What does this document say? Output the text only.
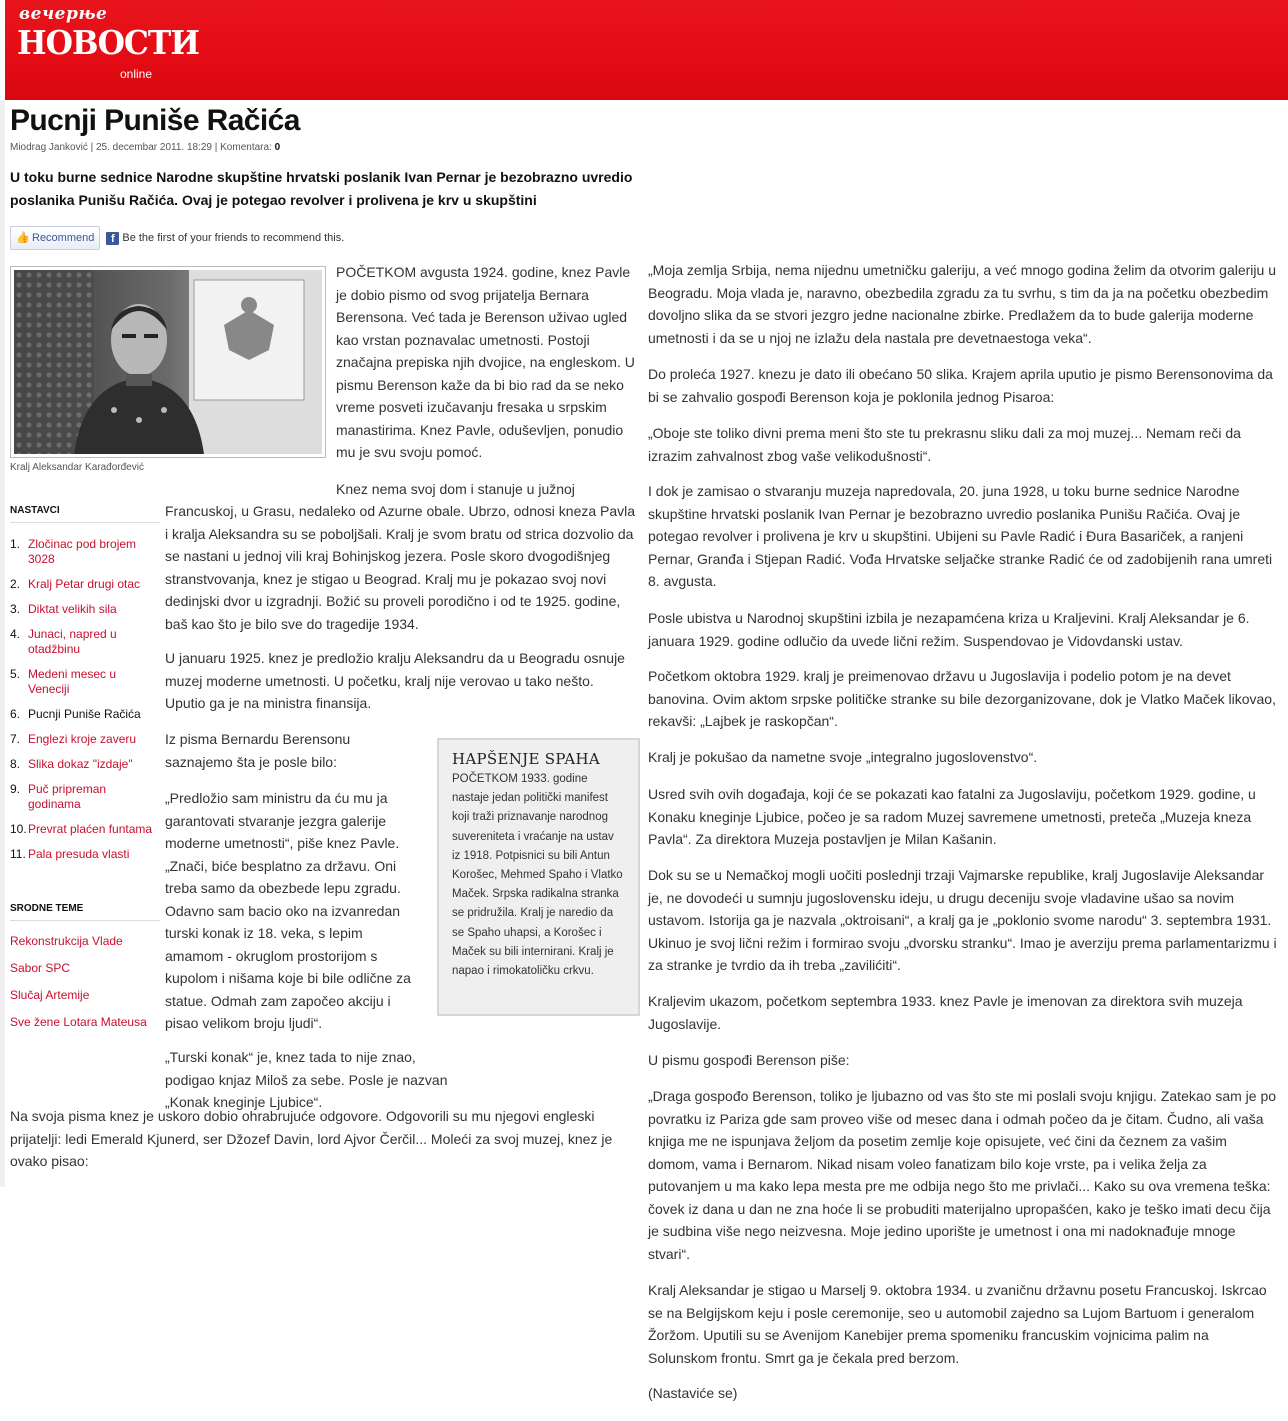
вечерње
НОВОСТИ
online
Pucnji Puniše Račića
Miodrag Janković | 25. decembar 2011. 18:29 | Komentara: 0

U toku burne sednice Narodne skupštine hrvatski poslanik Ivan Pernar je bezobrazno uvredio poslanika Punišu Račića. Ovaj je potegao revolver i prolivena je krv u skupštini

👍 Recommend	f Be the first of your friends to recommend this.
Kralj Aleksandar Karađorđević
NASTAVCI
1. Zločinac pod brojem 3028
2. Kralj Petar drugi otac
3. Diktat velikih sila
4. Junaci, napred u otadžbinu
5. Medeni mesec u Veneciji
6. Pucnji Puniše Račića
7. Englezi kroje zaveru
8. Slika dokaz "izdaje"
9. Puč pripreman godinama
10. Prevrat plaćen funtama
11. Pala presuda vlasti
SRODNE TEME
Rekonstrukcija Vlade
Sabor SPC
Slučaj Artemije
Sve žene Lotara Mateusa

POČETKOM avgusta 1924. godine, knez Pavle je dobio pismo od svog prijatelja Bernara Berensona. Već tada je Berenson uživao ugled kao vrstan poznavalac umetnosti. Postoji značajna prepiska njih dvojice, na engleskom. U pismu Berenson kaže da bi bio rad da se neko vreme posveti izučavanju fresaka u srpskim manastirima. Knez Pavle, oduševljen, ponudio mu je svu svoju pomoć.

Knez nema svoj dom i stanuje u južnoj

Francuskoj, u Grasu, nedaleko od Azurne obale. Ubrzo, odnosi kneza Pavla i kralja Aleksandra su se poboljšali. Kralj je svom bratu od strica dozvolio da se nastani u jednoj vili kraj Bohinjskog jezera. Posle skoro dvogodišnjeg stranstvovanja, knez je stigao u Beograd. Kralj mu je pokazao svoj novi dedinjski dvor u izgradnji. Božić su proveli porodično i od te 1925. godine, baš kao što je bilo sve do tragedije 1934.

U januaru 1925. knez je predložio kralju Aleksandru da u Beogradu osnuje muzej moderne umetnosti. U početku, kralj nije verovao u tako nešto. Uputio ga je na ministra finansija.

Iz pisma Bernardu Berensonu saznajemo šta je posle bilo:

„Predložio sam ministru da ću mu ja garantovati stvaranje jezgra galerije moderne umetnosti“, piše knez Pavle. „Znači, biće besplatno za državu. Oni treba samo da obezbede lepu zgradu. Odavno sam bacio oko na izvanredan turski konak iz 18. veka, s lepim amamom - okruglom prostorijom s kupolom i nišama koje bi bile odlične za statue. Odmah zam započeo akciju i pisao velikom broju ljudi“.

„Turski konak“ je, knez tada to nije znao, podigao knjaz Miloš za sebe. Posle je nazvan „Konak kneginje Ljubice“.

Na svoja pisma knez je uskoro dobio ohrabrujuće odgovore. Odgovorili su mu njegovi engleski prijatelji: ledi Emerald Kjunerd, ser Džozef Davin, lord Ajvor Čerčil... Moleći za svoj muzej, knez je ovako pisao:

HAPŠENJE SPAHA

POČETKOM 1933. godine nastaje jedan politički manifest koji traži priznavanje narodnog suvereniteta i vraćanje na ustav iz 1918. Potpisnici su bili Antun Korošec, Mehmed Spaho i Vlatko Maček. Srpska radikalna stranka se pridružila. Kralj je naredio da se Spaho uhapsi, a Korošec i Maček su bili internirani. Kralj je napao i rimokatoličku crkvu.

„Moja zemlja Srbija, nema nijednu umetničku galeriju, a već mnogo godina želim da otvorim galeriju u Beogradu. Moja vlada je, naravno, obezbedila zgradu za tu svrhu, s tim da ja na početku obezbedim dovoljno slika da se stvori jezgro jedne nacionalne zbirke. Predlažem da to bude galerija moderne umetnosti i da se u njoj ne izlažu dela nastala pre devetnaestoga veka“.

Do proleća 1927. knezu je dato ili obećano 50 slika. Krajem aprila uputio je pismo Berensonovima da bi se zahvalio gospođi Berenson koja je poklonila jednog Pisaroa:

„Oboje ste toliko divni prema meni što ste tu prekrasnu sliku dali za moj muzej... Nemam reči da izrazim zahvalnost zbog vaše velikodušnosti“.

I dok je zamisao o stvaranju muzeja napredovala, 20. juna 1928, u toku burne sednice Narodne skupštine hrvatski poslanik Ivan Pernar je bezobrazno uvredio poslanika Punišu Račića. Ovaj je potegao revolver i prolivena je krv u skupštini. Ubijeni su Pavle Radić i Đura Basariček, a ranjeni Pernar, Granđa i Stjepan Radić. Vođa Hrvatske seljačke stranke Radić će od zadobijenih rana umreti 8. avgusta.

Posle ubistva u Narodnoj skupštini izbila je nezapamćena kriza u Kraljevini. Kralj Aleksandar je 6. januara 1929. godine odlučio da uvede lični režim. Suspendovao je Vidovdanski ustav.

Početkom oktobra 1929. kralj je preimenovao državu u Jugoslavija i podelio potom je na devet banovina. Ovim aktom srpske političke stranke su bile dezorganizovane, dok je Vlatko Maček likovao, rekavši: „Lajbek je raskopčan“.

Kralj je pokušao da nametne svoje „integralno jugoslovenstvo“.

Usred svih ovih događaja, koji će se pokazati kao fatalni za Jugoslaviju, početkom 1929. godine, u Konaku kneginje Ljubice, počeo je sa radom Muzej savremene umetnosti, preteča „Muzeja kneza Pavla“. Za direktora Muzeja postavljen je Milan Kašanin.

Dok su se u Nemačkoj mogli uočiti poslednji trzaji Vajmarske republike, kralj Jugoslavije Aleksandar je, ne dovodeći u sumnju jugoslovensku ideju, u drugu deceniju svoje vladavine ušao sa novim ustavom. Istorija ga je nazvala „oktroisani“, a kralj ga je „poklonio svome narodu“ 3. septembra 1931. Ukinuo je svoj lični režim i formirao svoju „dvorsku stranku“. Imao je averziju prema parlamentarizmu i za stranke je tvrdio da ih treba „zavilićiti“.

Kraljevim ukazom, početkom septembra 1933. knez Pavle je imenovan za direktora svih muzeja Jugoslavije.

U pismu gospođi Berenson piše:

„Draga gospođo Berenson, toliko je ljubazno od vas što ste mi poslali svoju knjigu. Zatekao sam je po povratku iz Pariza gde sam proveo više od mesec dana i odmah počeo da je čitam. Čudno, ali vaša knjiga me ne ispunjava željom da posetim zemlje koje opisujete, već čini da čeznem za vašim domom, vama i Bernarom. Nikad nisam voleo fanatizam bilo koje vrste, pa i velika želja za putovanjem u ma kako lepa mesta pre me odbija nego što me privlači... Kako su ova vremena teška: čovek iz dana u dan ne zna hoće li se probuditi materijalno upropašćen, kako je teško imati decu čija je sudbina više nego neizvesna. Moje jedino uporište je umetnost i ona mi nadoknađuje mnoge stvari“.

Kralj Aleksandar je stigao u Marselj 9. oktobra 1934. u zvaničnu državnu posetu Francuskoj. Iskrcao se na Belgijskom keju i posle ceremonije, seo u automobil zajedno sa Lujom Bartuom i generalom Žoržom. Uputili su se Avenijom Kanebijer prema spomeniku francuskim vojnicima palim na Solunskom frontu. Smrt ga je čekala pred berzom.

(Nastaviće se)
